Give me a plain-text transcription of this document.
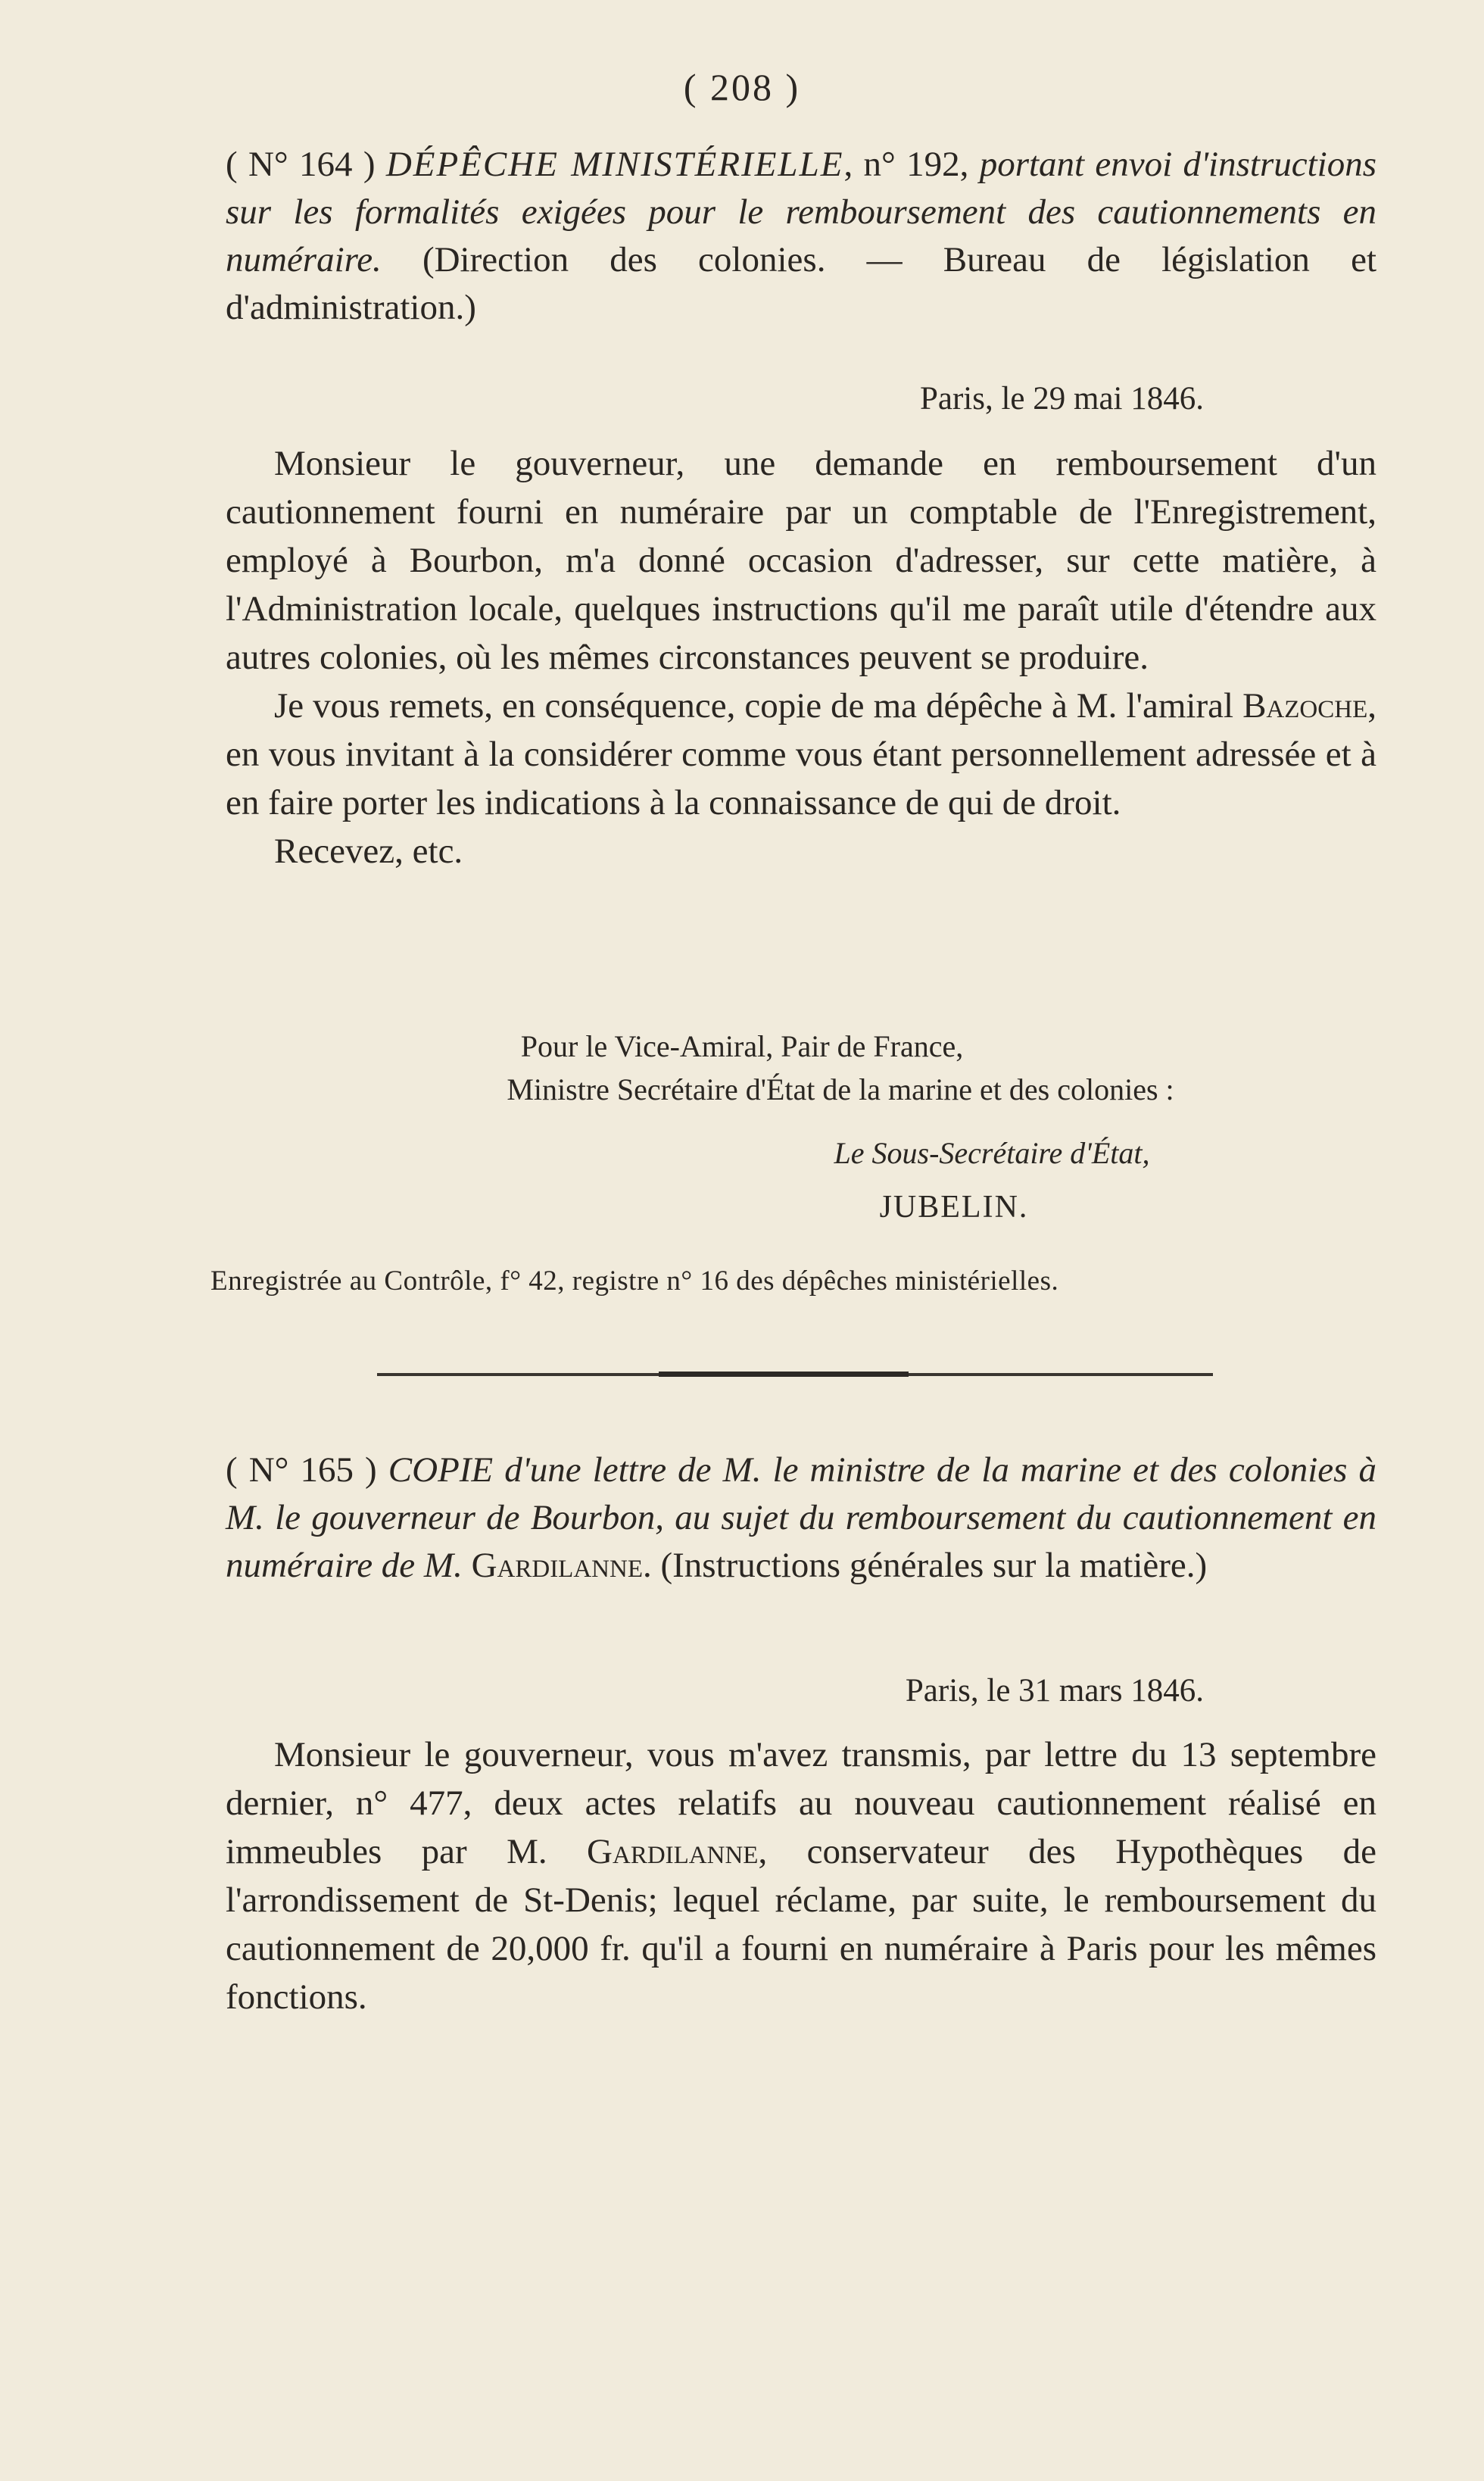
( 208 )

( N° 164 ) DÉPÊCHE MINISTÉRIELLE, n° 192, portant envoi d'instructions sur les formalités exigées pour le remboursement des cautionnements en numéraire. (Direction des colonies. — Bureau de législation et d'administration.)

Paris, le 29 mai 1846.

Monsieur le gouverneur, une demande en remboursement d'un cautionnement fourni en numéraire par un comptable de l'Enregistrement, employé à Bourbon, m'a donné occasion d'adresser, sur cette matière, à l'Administration locale, quelques instructions qu'il me paraît utile d'étendre aux autres colonies, où les mêmes circonstances peuvent se produire.

Je vous remets, en conséquence, copie de ma dépêche à M. l'amiral Bazoche, en vous invitant à la considérer comme vous étant personnellement adressée et à en faire porter les indications à la connaissance de qui de droit.

Recevez, etc.

Pour le Vice-Amiral, Pair de France,
Ministre Secrétaire d'État de la marine et des colonies :
Le Sous-Secrétaire d'État,
JUBELIN.
Enregistrée au Contrôle, f° 42, registre n° 16 des dépêches ministérielles.

( N° 165 ) COPIE d'une lettre de M. le ministre de la marine et des colonies à M. le gouverneur de Bourbon, au sujet du remboursement du cautionnement en numéraire de M. Gardilanne. (Instructions générales sur la matière.)

Paris, le 31 mars 1846.

Monsieur le gouverneur, vous m'avez transmis, par lettre du 13 septembre dernier, n° 477, deux actes relatifs au nouveau cautionnement réalisé en immeubles par M. Gardilanne, conservateur des Hypothèques de l'arrondissement de St-Denis; lequel réclame, par suite, le remboursement du cautionnement de 20,000 fr. qu'il a fourni en numéraire à Paris pour les mêmes fonctions.
